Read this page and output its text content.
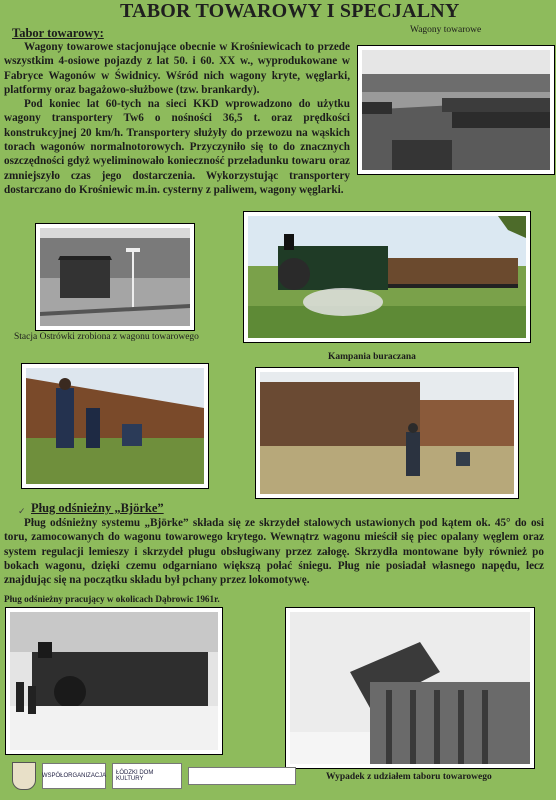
TABOR TOWAROWY I SPECJALNY
Tabor towarowy:

Wagony towarowe stacjonujące obecnie w Krośniewicach to przede wszystkim 4-osiowe pojazdy z lat 50. i 60. XX w., wyprodukowane w Fabryce Wagonów w Świdnicy. Wśród nich wagony kryte, węglarki, platformy oraz bagażowo-służbowe (tzw. brankardy).

Pod koniec lat 60-tych na sieci KKD wprowadzono do użytku wagony transportery Tw6 o nośności 36,5 t. oraz prędkości konstrukcyjnej 20 km/h. Transportery służyły do przewozu na wąskich torach wagonów normalnotorowych. Przyczyniło się to do znacznych oszczędności gdyż wyeliminowało konieczność przeładunku towaru oraz zmniejszyło czas jego dostarczenia. Wykorzystując transportery dostarczano do Krośniewic m.in. cysterny z paliwem, wagony węglarki.

Wagony towarowe
Stacja Ostrówki zrobiona z wagonu towarowego
Kampania buraczana
✓ Pług odśnieżny „Björke”

Pług odśnieżny systemu „Björke” składa się ze skrzydeł stalowych ustawionych pod kątem ok. 45° do osi toru, zamocowanych do wagonu towarowego krytego. Wewnątrz wagonu mieścił się piec opalany węglem oraz system regulacji lemieszy i skrzydeł pługu obsługiwany przez załogę. Skrzydła montowane były również po bokach wagonu, dzięki czemu odgarniano większą połać śniegu. Pług nie posiadał własnego napędu, lecz znajdując się na początku składu był pchany przez lokomotywę.

Pług odśnieżny pracujący w okolicach Dąbrowic 1961r.
Wypadek z udziałem taboru towarowego
WSPÓŁORGANIZACJA	ŁÓDZKI DOM KULTURY
